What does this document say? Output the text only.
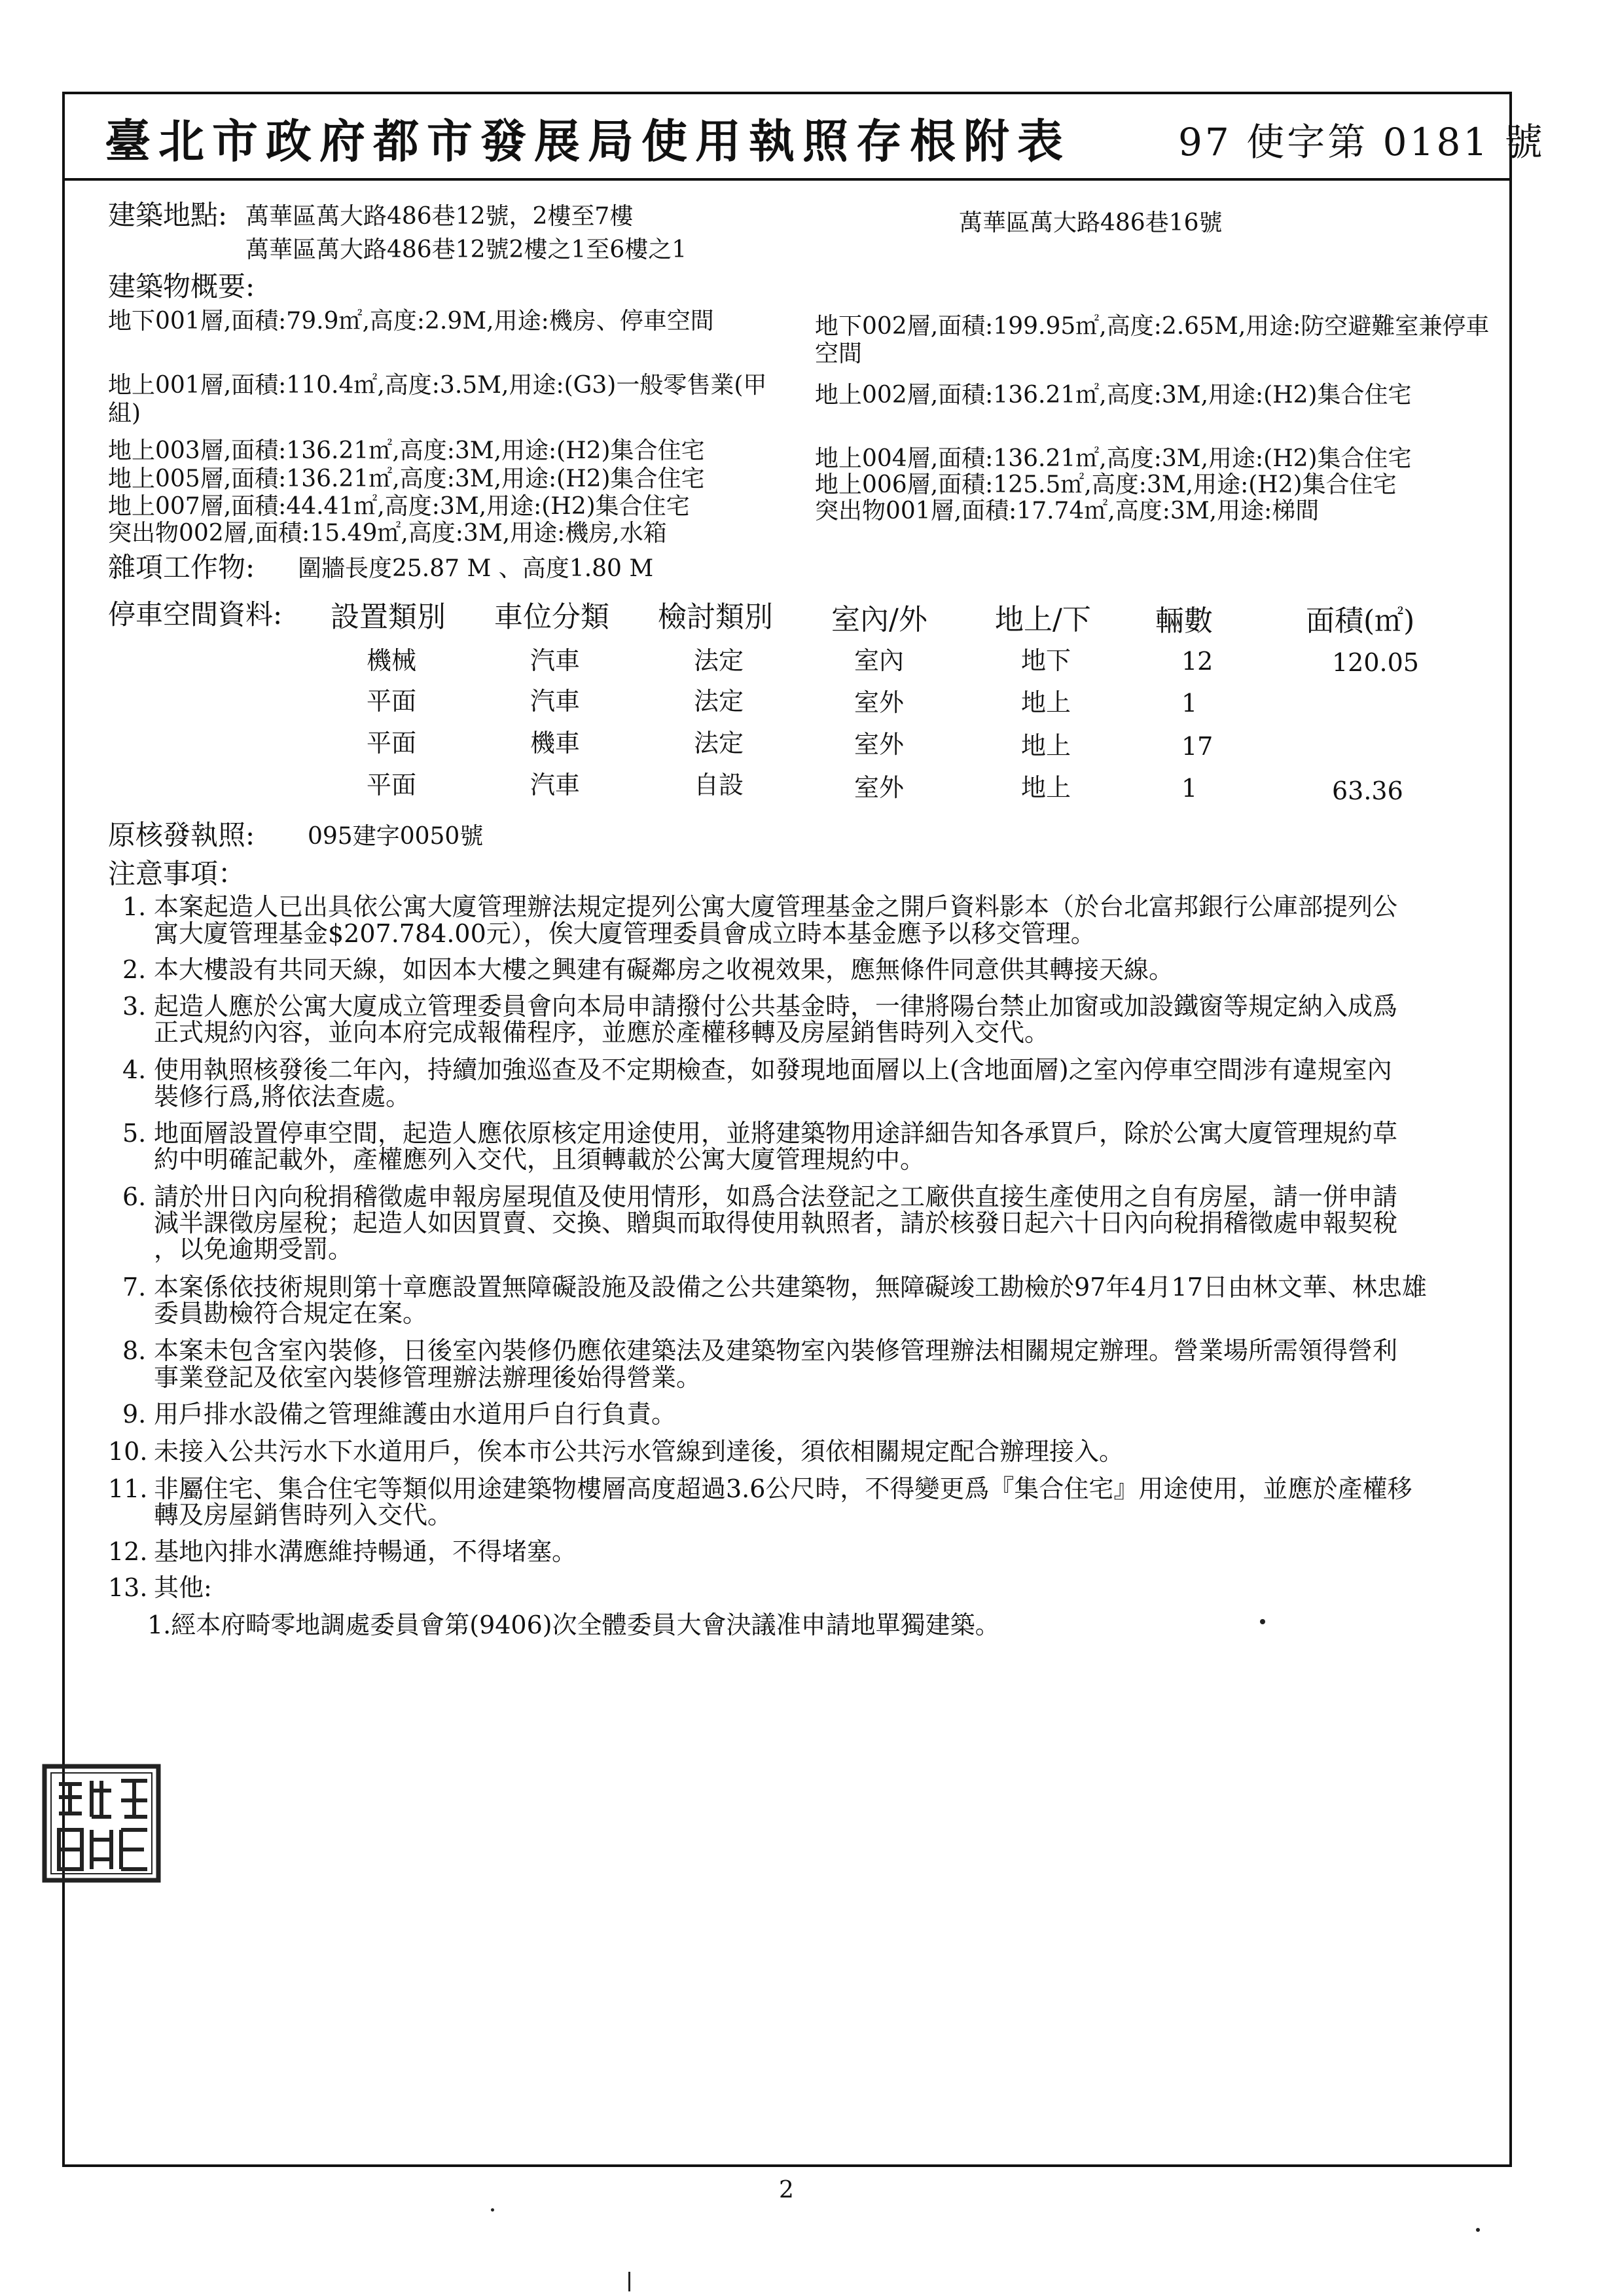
臺北市政府都市發展局使用執照存根附表	97 使字第 0181 號
建築地點: 萬華區萬大路486巷12號，2樓至7樓
萬華區萬大路486巷12號2樓之1至6樓之1
萬華區萬大路486巷16號
建築物概要:
地下001層,面積:79.9㎡,高度:2.9M,用途:機房、停車空間
地上001層,面積:110.4㎡,高度:3.5M,用途:(G3)一般零售業(甲
組)
地上003層,面積:136.21㎡,高度:3M,用途:(H2)集合住宅
地上005層,面積:136.21㎡,高度:3M,用途:(H2)集合住宅
地上007層,面積:44.41㎡,高度:3M,用途:(H2)集合住宅
突出物002層,面積:15.49㎡,高度:3M,用途:機房,水箱
地下002層,面積:199.95㎡,高度:2.65M,用途:防空避難室兼停車
空間
地上002層,面積:136.21㎡,高度:3M,用途:(H2)集合住宅
地上004層,面積:136.21㎡,高度:3M,用途:(H2)集合住宅
地上006層,面積:125.5㎡,高度:3M,用途:(H2)集合住宅
突出物001層,面積:17.74㎡,高度:3M,用途:梯間
雜項工作物: 圍牆長度25.87 M 、高度1.80 M
停車空間資料: 設置類別 車位分類 檢討類別 室內/外 地上/下 輛數	面積(㎡)
機械	汽車	法定	室內	地下	12	120.05
平面	汽車	法定	室外	地上	1
平面	機車	法定	室外	地上	17
平面	汽車	自設	室外	地上	1	63.36
原核發執照: 095建字0050號
注意事項：
1. 本案起造人已出具依公寓大廈管理辦法規定提列公寓大廈管理基金之開戶資料影本（於台北富邦銀行公庫部提列公
寓大廈管理基金$207.784.00元），俟大廈管理委員會成立時本基金應予以移交管理。
2. 本大樓設有共同天線，如因本大樓之興建有礙鄰房之收視效果，應無條件同意供其轉接天線。
3. 起造人應於公寓大廈成立管理委員會向本局申請撥付公共基金時，一律將陽台禁止加窗或加設鐵窗等規定納入成爲
正式規約內容，並向本府完成報備程序，並應於產權移轉及房屋銷售時列入交代。
4. 使用執照核發後二年內，持續加強巡查及不定期檢查，如發現地面層以上(含地面層)之室內停車空間涉有違規室內
裝修行爲,將依法查處。
5. 地面層設置停車空間，起造人應依原核定用途使用，並將建築物用途詳細告知各承買戶，除於公寓大廈管理規約草
約中明確記載外，產權應列入交代，且須轉載於公寓大廈管理規約中。
6. 請於卅日內向稅捐稽徵處申報房屋現值及使用情形，如爲合法登記之工廠供直接生產使用之自有房屋，請一併申請
減半課徵房屋稅；起造人如因買賣、交換、贈與而取得使用執照者，請於核發日起六十日內向稅捐稽徵處申報契稅
，以免逾期受罰。
7. 本案係依技術規則第十章應設置無障礙設施及設備之公共建築物，無障礙竣工勘檢於97年4月17日由林文華、林忠雄
委員勘檢符合規定在案。
8. 本案未包含室內裝修，日後室內裝修仍應依建築法及建築物室內裝修管理辦法相關規定辦理。營業場所需領得營利
事業登記及依室內裝修管理辦法辦理後始得營業。
9. 用戶排水設備之管理維護由水道用戶自行負責。
10. 未接入公共污水下水道用戶，俟本市公共污水管線到達後，須依相關規定配合辦理接入。
11. 非屬住宅、集合住宅等類似用途建築物樓層高度超過3.6公尺時，不得變更爲『集合住宅』用途使用，並應於產權移
轉及房屋銷售時列入交代。
12. 基地內排水溝應維持暢通，不得堵塞。
13. 其他:
1.經本府畸零地調處委員會第(9406)次全體委員大會決議准申請地單獨建築。
2
